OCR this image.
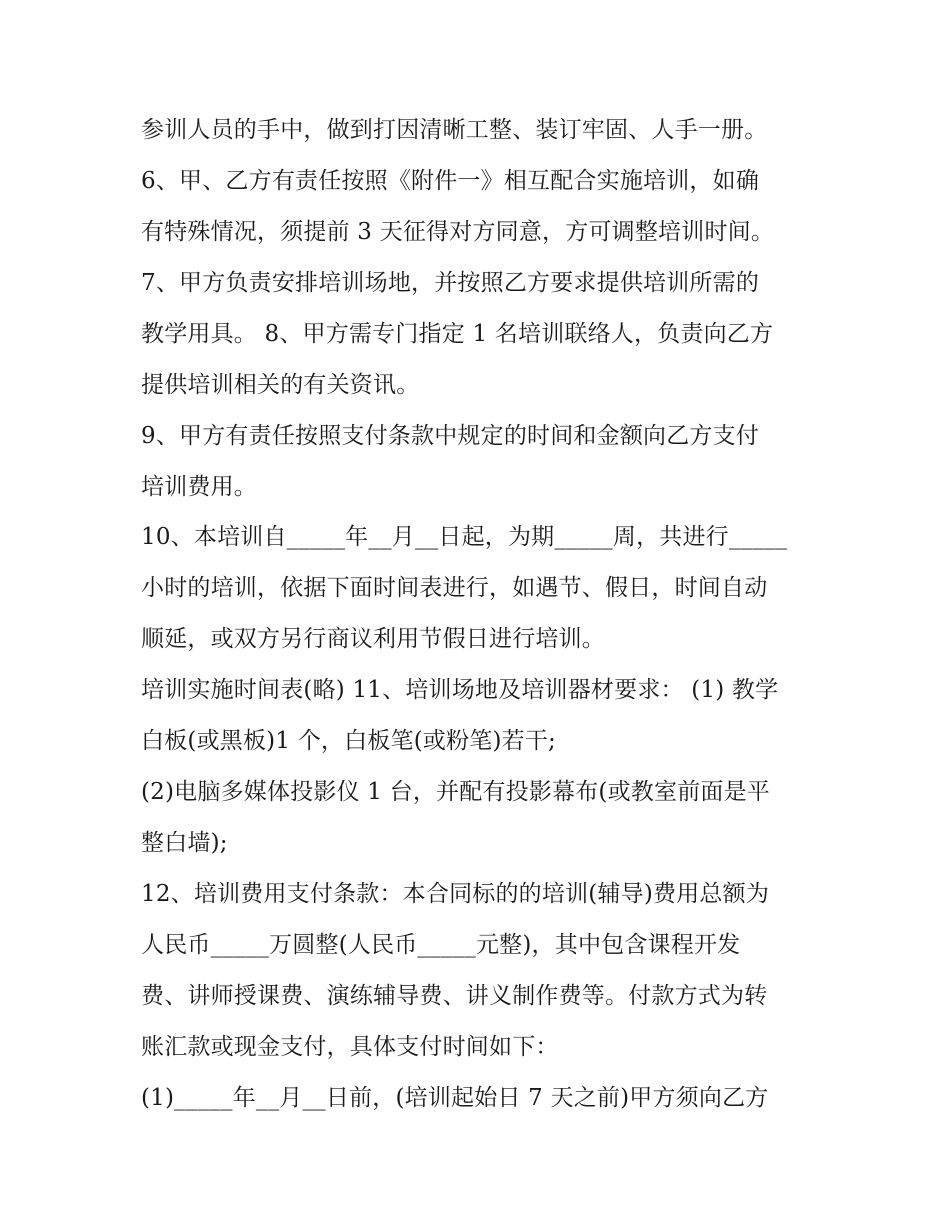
参训人员的手中，做到打因清晰工整、装订牢固、人手一册。
6、甲、乙方有责任按照《附件一》相互配合实施培训，如确
有特殊情况，须提前 3 天征得对方同意，方可调整培训时间。
7、甲方负责安排培训场地，并按照乙方要求提供培训所需的
教学用具。 8、甲方需专门指定 1 名培训联络人，负责向乙方
提供培训相关的有关资讯。
9、甲方有责任按照支付条款中规定的时间和金额向乙方支付
培训费用。
10、本培训自_____年__月__日起，为期_____周，共进行_____
小时的培训，依据下面时间表进行，如遇节、假日，时间自动
顺延，或双方另行商议利用节假日进行培训。
培训实施时间表(略) 11、培训场地及培训器材要求： (1) 教学
白板(或黑板)1 个，白板笔(或粉笔)若干;
(2)电脑多媒体投影仪 1 台，并配有投影幕布(或教室前面是平
整白墙);
12、培训费用支付条款：本合同标的的培训(辅导)费用总额为
人民币_____万圆整(人民币_____元整)，其中包含课程开发
费、讲师授课费、演练辅导费、讲义制作费等。付款方式为转
账汇款或现金支付，具体支付时间如下：
(1)_____年__月__日前，(培训起始日 7 天之前)甲方须向乙方
